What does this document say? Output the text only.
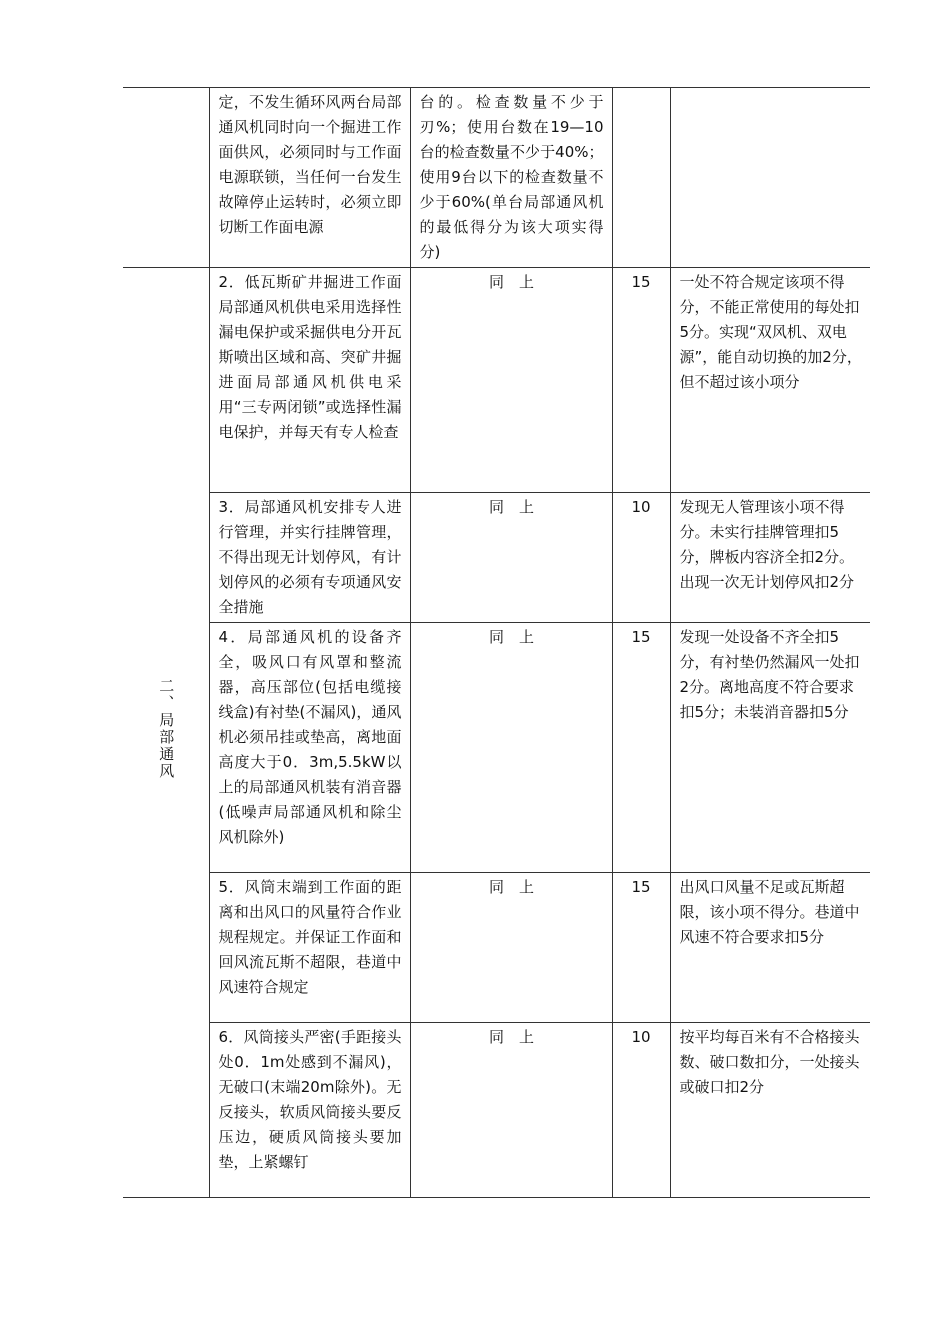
	定，不发生循环风两台局部通风机同时向一个掘进工作面供风，必须同时与工作面电源联锁，当任何一台发生故障停止运转时，必须立即切断工作面电源	台的。检查数量不少于刃%；使用台数在19—10台的检查数量不少于40%；使用9台以下的检查数量不少于60%(单台局部通风机的最低得分为该大项实得分)		
二、局部通风	2．低瓦斯矿井掘进工作面局部通风机供电采用选择性漏电保护或采掘供电分开瓦斯喷出区域和高、突矿井掘进面局部通风机供电采用“三专两闭锁”或选择性漏电保护，并每天有专人检查	同　上	15	一处不符合规定该项不得分，不能正常使用的每处扣5分。实现“双风机、双电源”，能自动切换的加2分，但不超过该小项分
	3．局部通风机安排专人进行管理，并实行挂牌管理，不得出现无计划停风，有计划停风的必须有专项通风安全措施	同　上	10	发现无人管理该小项不得分。未实行挂牌管理扣5分，牌板内容济全扣2分。出现一次无计划停风扣2分
	4．局部通风机的设备齐全，吸风口有风罩和整流器，高压部位(包括电缆接线盒)有衬垫(不漏风)，通风机必须吊挂或垫高，离地面高度大于0．3m,5.5kW以上的局部通风机装有消音器(低噪声局部通风机和除尘风机除外)	同　上	15	发现一处设备不齐全扣5分，有衬垫仍然漏风一处扣2分。离地高度不符合要求扣5分；未装消音器扣5分
	5．风筒末端到工作面的距离和出风口的风量符合作业规程规定。并保证工作面和回风流瓦斯不超限，巷道中风速符合规定	同　上	15	出风口风量不足或瓦斯超限，该小项不得分。巷道中风速不符合要求扣5分
	6．风筒接头严密(手距接头处0．1m处感到不漏风)，无破口(末端20m除外)。无反接头，软质风筒接头要反压边，硬质风筒接头要加垫，上紧螺钉	同　上	10	按平均每百米有不合格接头数、破口数扣分，一处接头或破口扣2分
